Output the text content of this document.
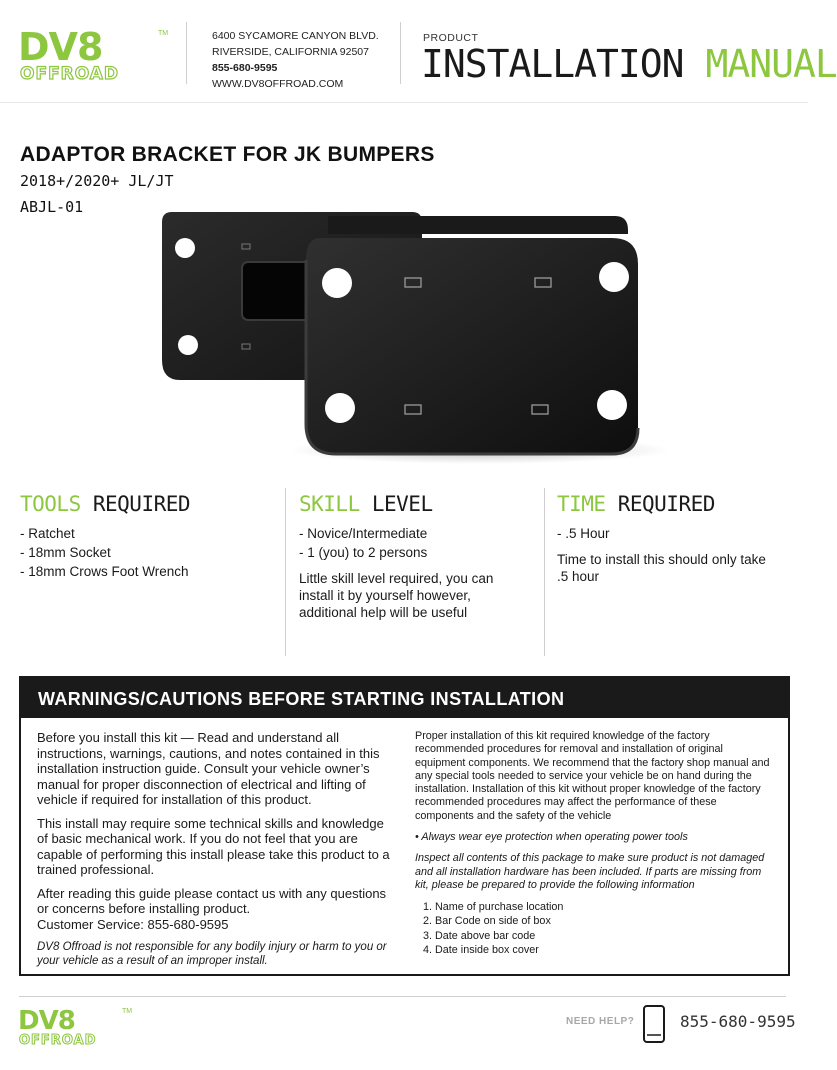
DV8	TM
OFFROAD
6400 SYCAMORE CANYON BLVD.
RIVERSIDE, CALIFORNIA 92507
855-680-9595
WWW.DV8OFFROAD.COM
PRODUCT
INSTALLATION MANUAL
ADAPTOR BRACKET FOR JK BUMPERS
2018+/2020+ JL/JT
ABJL-01
TOOLS REQUIRED
- Ratchet
- 18mm Socket
- 18mm Crows Foot Wrench
SKILL LEVEL
- Novice/Intermediate
- 1 (you) to 2 persons
Little skill level required, you can install it by yourself however, additional help will be useful
TIME REQUIRED
- .5 Hour
Time to install this should only take .5 hour
WARNINGS/CAUTIONS BEFORE STARTING INSTALLATION

Before you install this kit — Read and understand all instructions, warnings, cautions, and notes contained in this installation instruction guide. Consult your vehicle owner’s manual for proper disconnection of electrical and lifting of vehicle if required for installation of this product.

This install may require some technical skills and knowledge of basic mechanical work. If you do not feel that you are capable of performing this install please take this product to a trained professional.

After reading this guide please contact us with any questions or concerns before installing product.
Customer Service: 855-680-9595

DV8 Offroad is not responsible for any bodily injury or harm to you or your vehicle as a result of an improper install.

Proper installation of this kit required knowledge of the factory recommended procedures for removal and installation of original equipment components. We recommend that the factory shop manual and any special tools needed to service your vehicle be on hand during the installation. Installation of this kit without proper knowledge of the factory recommended procedures may affect the performance of these components and the safety of the vehicle

• Always wear eye protection when operating power tools

Inspect all contents of this package to make sure product is not damaged and all installation hardware has been included. If parts are missing from kit, please be prepared to provide the following information

1. Name of purchase location
2. Bar Code on side of box
3. Date above bar code
4. Date inside box cover
DV8	TM
OFFROAD
NEED HELP?	855-680-9595
